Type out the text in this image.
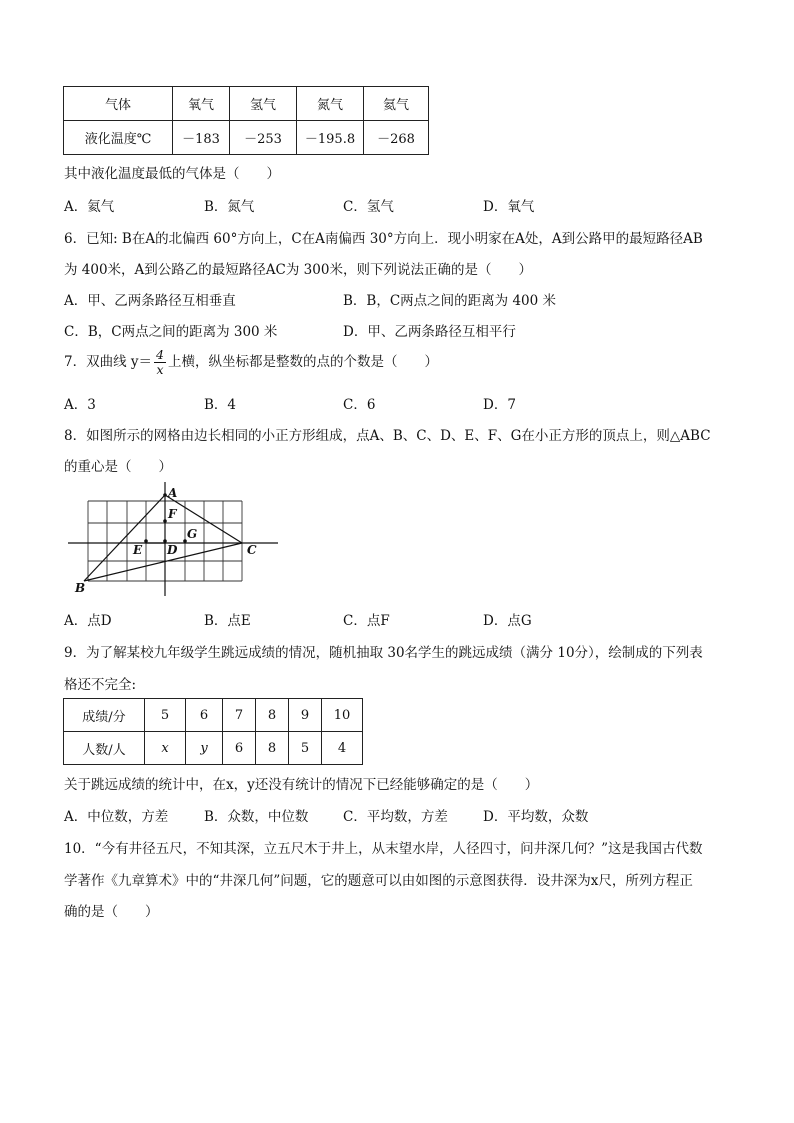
气体	氧气	氢气	氮气	氦气
液化温度℃	－183	－253	－195.8	－268
其中液化温度最低的气体是（　　）
A．氦气	B．氮气	C．氢气	D．氧气
6．已知: B在A的北偏西 60°方向上，C在A南偏西 30°方向上．现小明家在A处，A到公路甲的最短路径AB
为 400米，A到公路乙的最短路径AC为 300米，则下列说法正确的是（　　）
A．甲、乙两条路径互相垂直	B．B，C两点之间的距离为 400 米
C．B，C两点之间的距离为 300 米	D．甲、乙两条路径互相平行
7．双曲线 $y= \frac{4}{x}$ 上横，纵坐标都是整数的点的个数是（　　）
A．3	B．4	C．6	D．7
8．如图所示的网格由边长相同的小正方形组成，点A、B、C、D、E、F、G在小正方形的顶点上，则△ABC
的重心是（　　）
A
F
G
E D	C
B
A．点D	B．点E	C．点F	D．点G
9．为了解某校九年级学生跳远成绩的情况，随机抽取 30名学生的跳远成绩（满分 10分），绘制成的下列表
格还不完全:
成绩/分	5	6	7	8	9	10
人数/人	x	y	6	8	5	4
关于跳远成绩的统计中，在x，y还没有统计的情况下已经能够确定的是（　　）
A．中位数，方差	B．众数，中位数	C．平均数，方差	D．平均数，众数
10．“今有井径五尺，不知其深，立五尺木于井上，从末望水岸，人径四寸，问井深几何？”这是我国古代数
学著作《九章算术》中的“井深几何”问题，它的题意可以由如图的示意图获得．设井深为x尺，所列方程正
确的是（　　）
